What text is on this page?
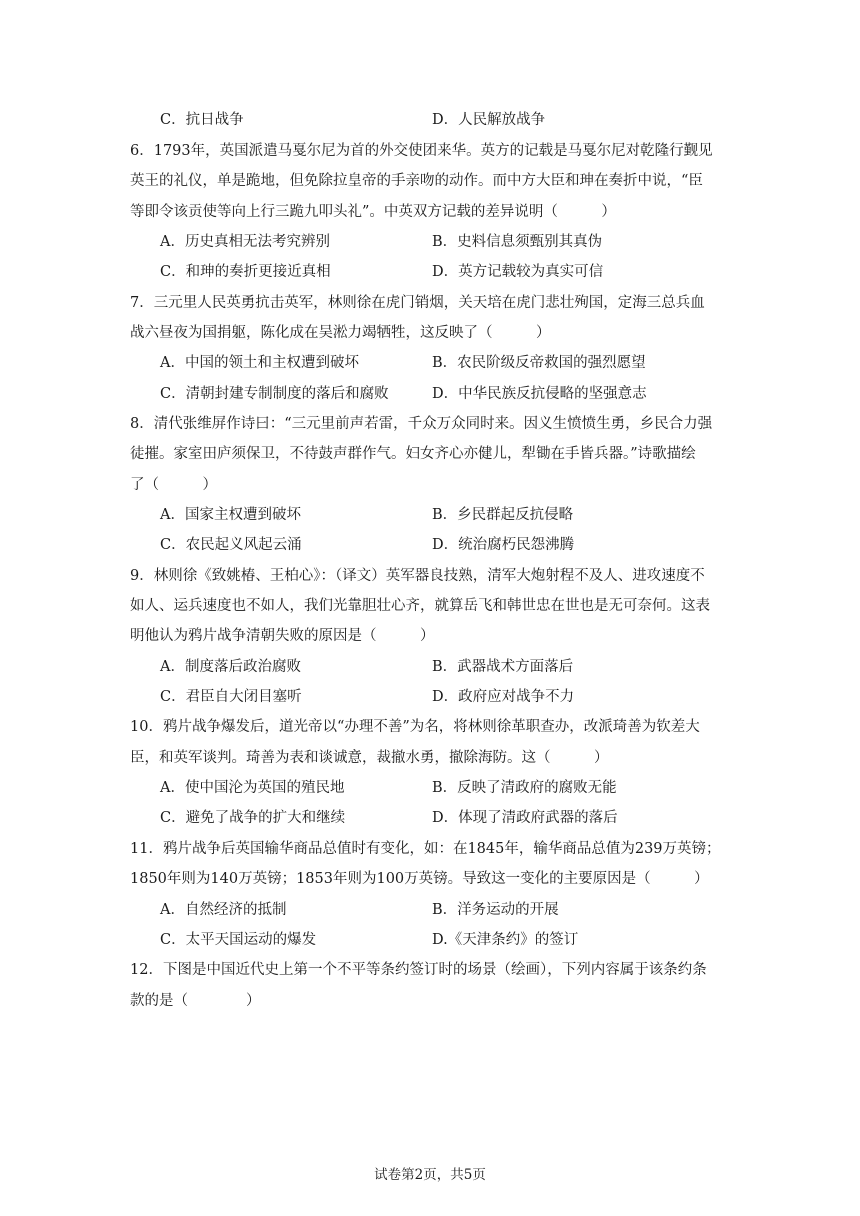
C．抗日战争	D．人民解放战争
6．1793年，英国派遣马戛尔尼为首的外交使团来华。英方的记载是马戛尔尼对乾隆行觐见
英王的礼仪，单是跪地，但免除拉皇帝的手亲吻的动作。而中方大臣和珅在奏折中说，“臣
等即令该贡使等向上行三跪九叩头礼”。中英双方记载的差异说明（　　　）
A．历史真相无法考究辨别	B．史料信息须甄别其真伪
C．和珅的奏折更接近真相	D．英方记载较为真实可信
7．三元里人民英勇抗击英军，林则徐在虎门销烟，关天培在虎门悲壮殉国，定海三总兵血
战六昼夜为国捐躯，陈化成在吴淞力竭牺牲，这反映了（　　　）
A．中国的领土和主权遭到破坏	B．农民阶级反帝救国的强烈愿望
C．清朝封建专制制度的落后和腐败	D．中华民族反抗侵略的坚强意志
8．清代张维屏作诗曰：“三元里前声若雷，千众万众同时来。因义生愤愤生勇，乡民合力强
徒摧。家室田庐须保卫，不待鼓声群作气。妇女齐心亦健儿，犁锄在手皆兵器。”诗歌描绘
了（　　　）
A．国家主权遭到破坏	B．乡民群起反抗侵略
C．农民起义风起云涌	D．统治腐朽民怨沸腾
9．林则徐《致姚椿、王柏心》：（译文）英军器良技熟，清军大炮射程不及人、进攻速度不
如人、运兵速度也不如人，我们光靠胆壮心齐，就算岳飞和韩世忠在世也是无可奈何。这表
明他认为鸦片战争清朝失败的原因是（　　　）
A．制度落后政治腐败	B．武器战术方面落后
C．君臣自大闭目塞听	D．政府应对战争不力
10．鸦片战争爆发后，道光帝以“办理不善”为名，将林则徐革职查办，改派琦善为钦差大
臣，和英军谈判。琦善为表和谈诚意，裁撤水勇，撤除海防。这（　　　）
A．使中国沦为英国的殖民地	B．反映了清政府的腐败无能
C．避免了战争的扩大和继续	D．体现了清政府武器的落后
11．鸦片战争后英国输华商品总值时有变化，如：在1845年，输华商品总值为239万英镑；
1850年则为140万英镑；1853年则为100万英镑。导致这一变化的主要原因是（　　　）
A．自然经济的抵制	B．洋务运动的开展
C．太平天国运动的爆发	D.《天津条约》的签订
12．下图是中国近代史上第一个不平等条约签订时的场景（绘画），下列内容属于该条约条
款的是（　　　　）
试卷第2页，共5页
